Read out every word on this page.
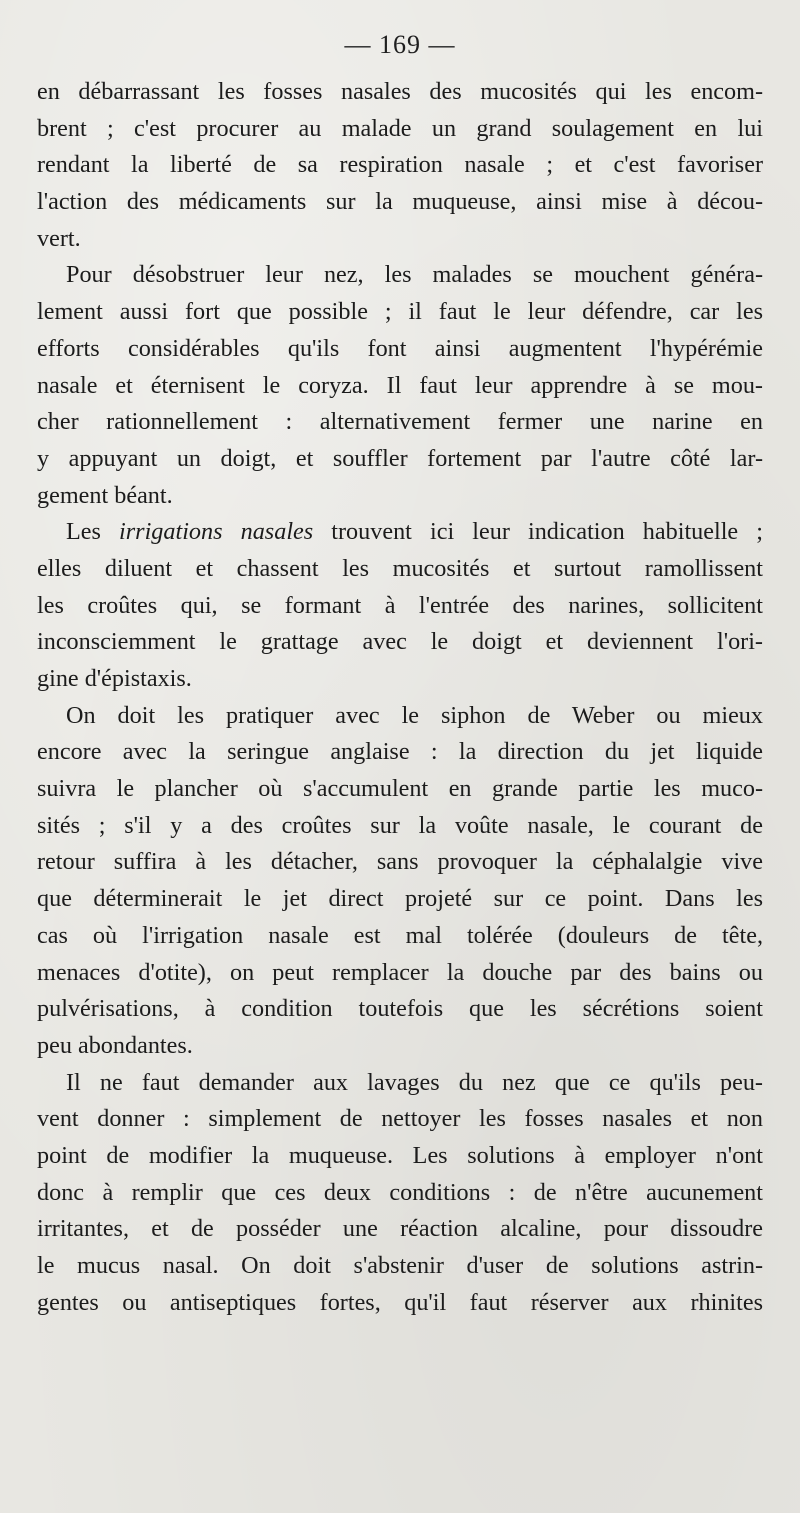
— 169 —
en débarrassant les fosses nasales des mucosités qui les encom-
brent ; c'est procurer au malade un grand soulagement en lui
rendant la liberté de sa respiration nasale ; et c'est favoriser
l'action des médicaments sur la muqueuse, ainsi mise à décou-
vert.
Pour désobstruer leur nez, les malades se mouchent généra-
lement aussi fort que possible ; il faut le leur défendre, car les
efforts considérables qu'ils font ainsi augmentent l'hypérémie
nasale et éternisent le coryza. Il faut leur apprendre à se mou-
cher rationnellement : alternativement fermer une narine en
y appuyant un doigt, et souffler fortement par l'autre côté lar-
gement béant.
Les irrigations nasales trouvent ici leur indication habituelle ;
elles diluent et chassent les mucosités et surtout ramollissent
les croûtes qui, se formant à l'entrée des narines, sollicitent
inconsciemment le grattage avec le doigt et deviennent l'ori-
gine d'épistaxis.
On doit les pratiquer avec le siphon de Weber ou mieux
encore avec la seringue anglaise : la direction du jet liquide
suivra le plancher où s'accumulent en grande partie les muco-
sités ; s'il y a des croûtes sur la voûte nasale, le courant de
retour suffira à les détacher, sans provoquer la céphalalgie vive
que déterminerait le jet direct projeté sur ce point. Dans les
cas où l'irrigation nasale est mal tolérée (douleurs de tête,
menaces d'otite), on peut remplacer la douche par des bains ou
pulvérisations, à condition toutefois que les sécrétions soient
peu abondantes.
Il ne faut demander aux lavages du nez que ce qu'ils peu-
vent donner : simplement de nettoyer les fosses nasales et non
point de modifier la muqueuse. Les solutions à employer n'ont
donc à remplir que ces deux conditions : de n'être aucunement
irritantes, et de posséder une réaction alcaline, pour dissoudre
le mucus nasal. On doit s'abstenir d'user de solutions astrin-
gentes ou antiseptiques fortes, qu'il faut réserver aux rhinites
